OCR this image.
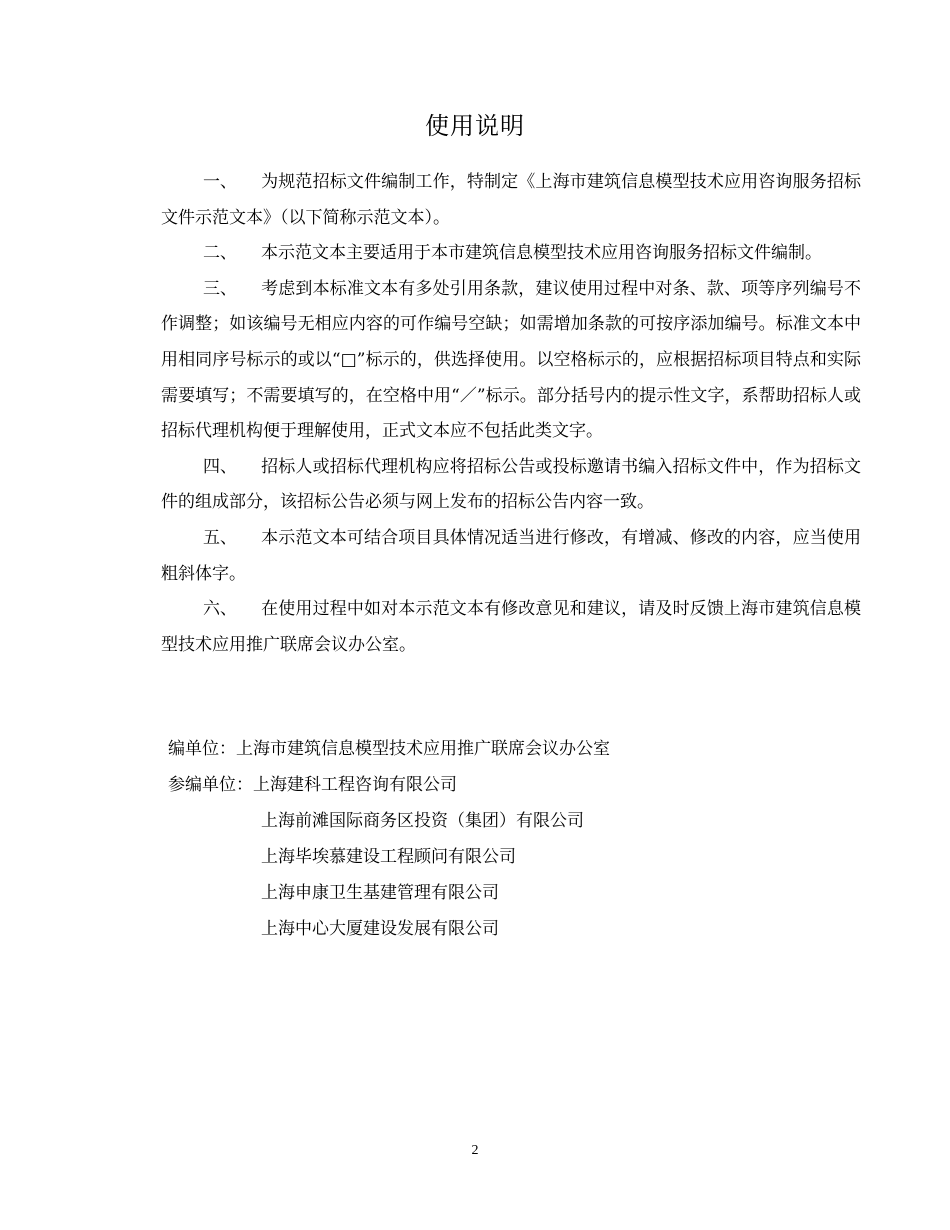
使用说明

一、 为规范招标文件编制工作，特制定《上海市建筑信息模型技术应用咨询服务招标文件示范文本》（以下简称示范文本）。

二、 本示范文本主要适用于本市建筑信息模型技术应用咨询服务招标文件编制。

三、 考虑到本标准文本有多处引用条款，建议使用过程中对条、款、项等序列编号不作调整；如该编号无相应内容的可作编号空缺；如需增加条款的可按序添加编号。标准文本中用相同序号标示的或以“□”标示的，供选择使用。以空格标示的，应根据招标项目特点和实际需要填写；不需要填写的，在空格中用“／”标示。部分括号内的提示性文字，系帮助招标人或招标代理机构便于理解使用，正式文本应不包括此类文字。

四、 招标人或招标代理机构应将招标公告或投标邀请书编入招标文件中，作为招标文件的组成部分，该招标公告必须与网上发布的招标公告内容一致。

五、 本示范文本可结合项目具体情况适当进行修改，有增减、修改的内容，应当使用粗斜体字。

六、 在使用过程中如对本示范文本有修改意见和建议，请及时反馈上海市建筑信息模型技术应用推广联席会议办公室。

编单位：上海市建筑信息模型技术应用推广联席会议办公室
参编单位：上海建科工程咨询有限公司
上海前滩国际商务区投资（集团）有限公司
上海毕埃慕建设工程顾问有限公司
上海申康卫生基建管理有限公司
上海中心大厦建设发展有限公司
2
